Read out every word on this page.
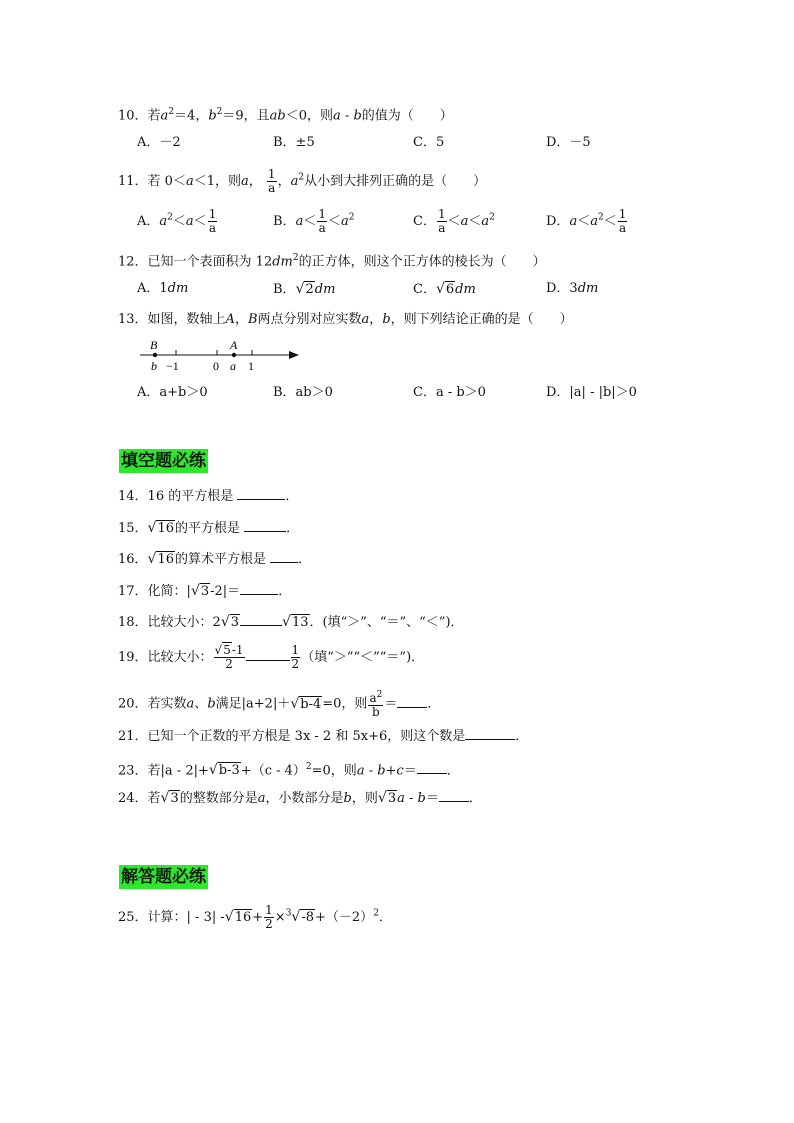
10．若$a^2=4$，$b^2=9$，且ab＜0，则a - b的值为（　　）
A．－2	B．±5	C．5	D．－5
11．若 0＜a＜1，则a， $\frac{1}{a}$ ，$a^2$从小到大排列正确的是（　　）
A．$a^2<a< \frac{1}{a}$	B．$a< \frac{1}{a} <a^2$	C． $\frac{1}{a} <a<a^2$	D．$a<a^2< \frac{1}{a}$
12．已知一个表面积为 $12dm^2$的正方体，则这个正方体的棱长为（　　）
A．1dm	B．√2dm	C．√6dm	D．3dm
13．如图，数轴上A，B两点分别对应实数a，b，则下列结论正确的是（　　）
B	A
b −1	0 a 1
A．a+b＞0	B．ab＞0	C．a - b＞0	D．|a| - |b|＞0
填空题必练
14．16 的平方根是	．
15．√16的平方根是	．
16．√16的算术平方根是 ．
17．化简：|√3-2|＝	．
18．比较大小：2√3	√13．(填“＞”、“＝”、“＜”)．
19．比较大小： $\frac{√5-1}{2}$	$\frac{1}{2}$ （填“＞”“＜”“＝”)．
20．若实数a、b满足|a+2|＋√b-4=0，则 $\frac{a^2}{b}$ ＝ ．
21．已知一个正数的平方根是 3x - 2 和 5x+6，则这个数是	．
23．若|a - 2|+√b-3+（c - 4）$^2$=0，则a - b+c＝ ．
24．若√3的整数部分是a，小数部分是b，则√3a - b＝ ．
解答题必练
25．计算：| - 3| $-√16+ \frac{1}{2} \times^3√-8+(-2)^2$．
